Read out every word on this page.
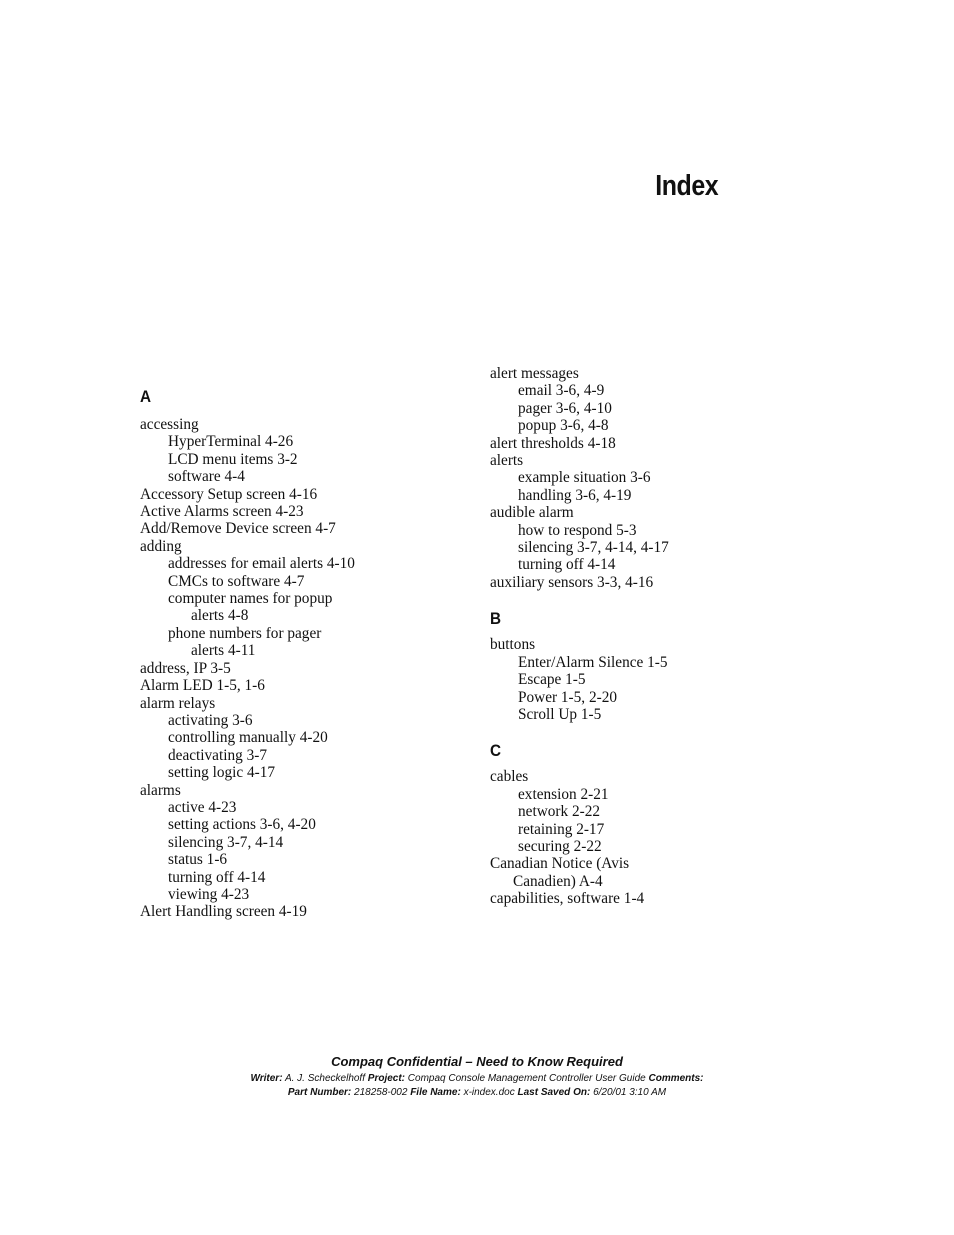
Index
A
accessing
HyperTerminal 4-26
LCD menu items 3-2
software 4-4
Accessory Setup screen 4-16
Active Alarms screen 4-23
Add/Remove Device screen 4-7
adding
addresses for email alerts 4-10
CMCs to software 4-7
computer names for popup
alerts 4-8
phone numbers for pager
alerts 4-11
address, IP 3-5
Alarm LED 1-5, 1-6
alarm relays
activating 3-6
controlling manually 4-20
deactivating 3-7
setting logic 4-17
alarms
active 4-23
setting actions 3-6, 4-20
silencing 3-7, 4-14
status 1-6
turning off 4-14
viewing 4-23
Alert Handling screen 4-19
alert messages
email 3-6, 4-9
pager 3-6, 4-10
popup 3-6, 4-8
alert thresholds 4-18
alerts
example situation 3-6
handling 3-6, 4-19
audible alarm
how to respond 5-3
silencing 3-7, 4-14, 4-17
turning off 4-14
auxiliary sensors 3-3, 4-16
B
buttons
Enter/Alarm Silence 1-5
Escape 1-5
Power 1-5, 2-20
Scroll Up 1-5
C
cables
extension 2-21
network 2-22
retaining 2-17
securing 2-22
Canadian Notice (Avis
Canadien) A-4
capabilities, software 1-4
Compaq Confidential – Need to Know Required
Writer: A. J. Scheckelhoff Project: Compaq Console Management Controller User Guide Comments:
Part Number: 218258-002 File Name: x-index.doc Last Saved On: 6/20/01 3:10 AM
